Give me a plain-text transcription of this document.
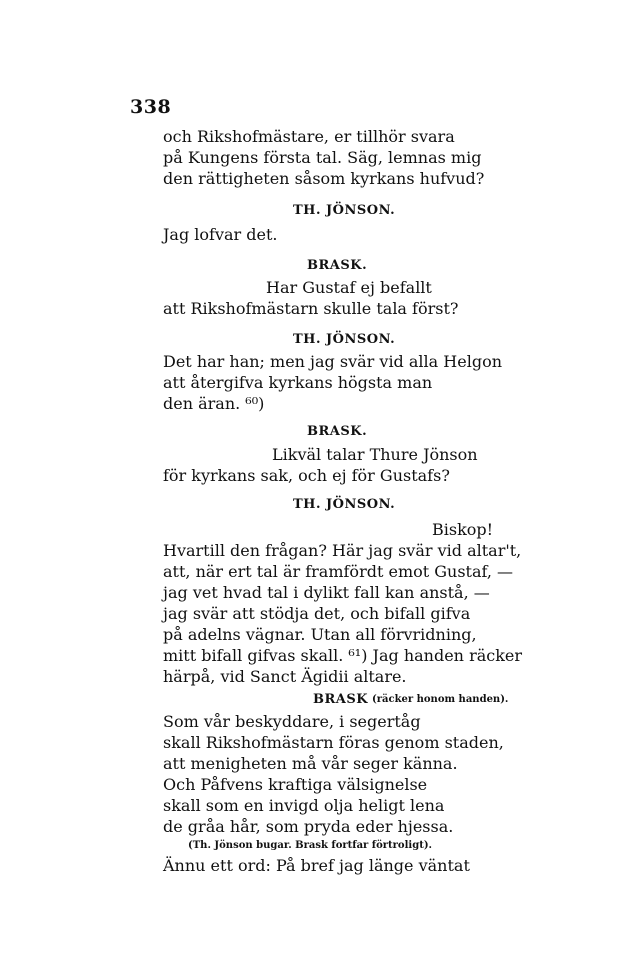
338
och Rikshofmästare, er tillhör svara
på Kungens första tal. Säg, lemnas mig
den rättigheten såsom kyrkans hufvud?
TH. JÖNSON.
Jag lofvar det.
BRASK.
Har Gustaf ej befallt
att Rikshofmästarn skulle tala först?
TH. JÖNSON.
Det har han; men jag svär vid alla Helgon
att återgifva kyrkans högsta man
den äran. ⁶⁰)
BRASK.
Likväl talar Thure Jönson
för kyrkans sak, och ej för Gustafs?
TH. JÖNSON.
Biskop!
Hvartill den frågan? Här jag svär vid altar't,
att, när ert tal är framfördt emot Gustaf, —
jag vet hvad tal i dylikt fall kan anstå, —
jag svär att stödja det, och bifall gifva
på adelns vägnar. Utan all förvridning,
mitt bifall gifvas skall. ⁶¹) Jag handen räcker
härpå, vid Sanct Ägidii altare.
BRASK (räcker honom handen).
Som vår beskyddare, i segertåg
skall Rikshofmästarn föras genom staden,
att menigheten må vår seger känna.
Och Påfvens kraftiga välsignelse
skall som en invigd olja heligt lena
de gråa hår, som pryda eder hjessa.
(Th. Jönson bugar. Brask fortfar förtroligt).
Ännu ett ord: På bref jag länge väntat
